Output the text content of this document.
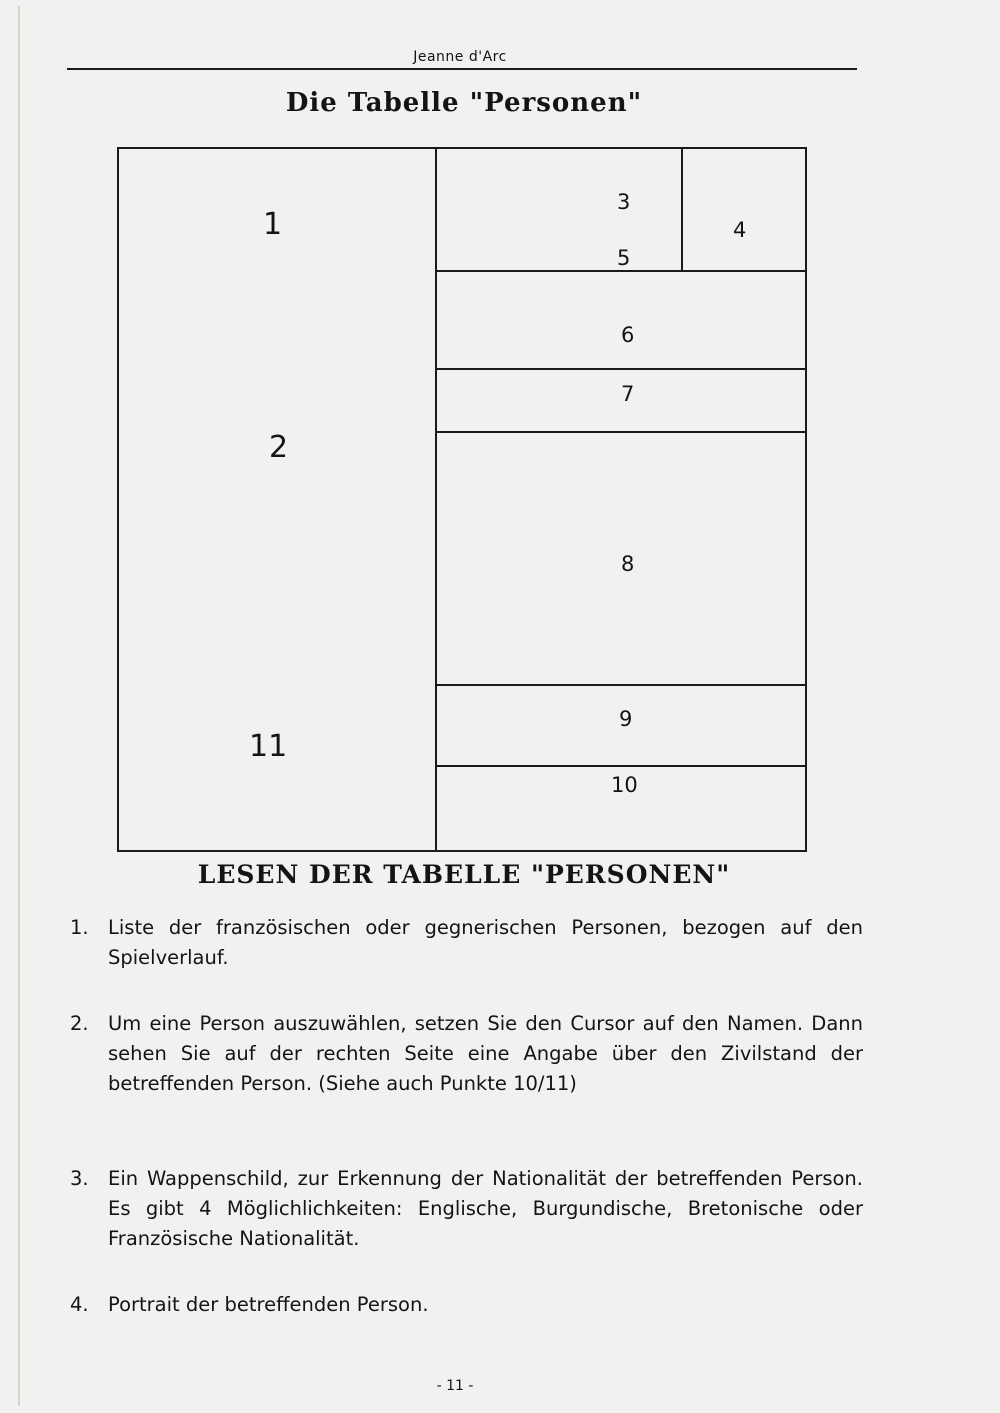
Jeanne d'Arc
Die Tabelle "Personen"
1
2
3
4
5
6
7
8
9
10
11
LESEN DER TABELLE "PERSONEN"
1. Liste der französischen oder gegnerischen Personen, bezogen auf den Spielverlauf.
2. Um eine Person auszuwählen, setzen Sie den Cursor auf den Namen. Dann sehen Sie auf der rechten Seite eine Angabe über den Zivilstand der betreffenden Person. (Siehe auch Punkte 10/11)
3. Ein Wappenschild, zur Erkennung der Nationalität der betreffenden Person. Es gibt 4 Möglichlichkeiten: Englische, Burgundische, Bretonische oder Französische Nationalität.
4. Portrait der betreffenden Person.
- 11 -
